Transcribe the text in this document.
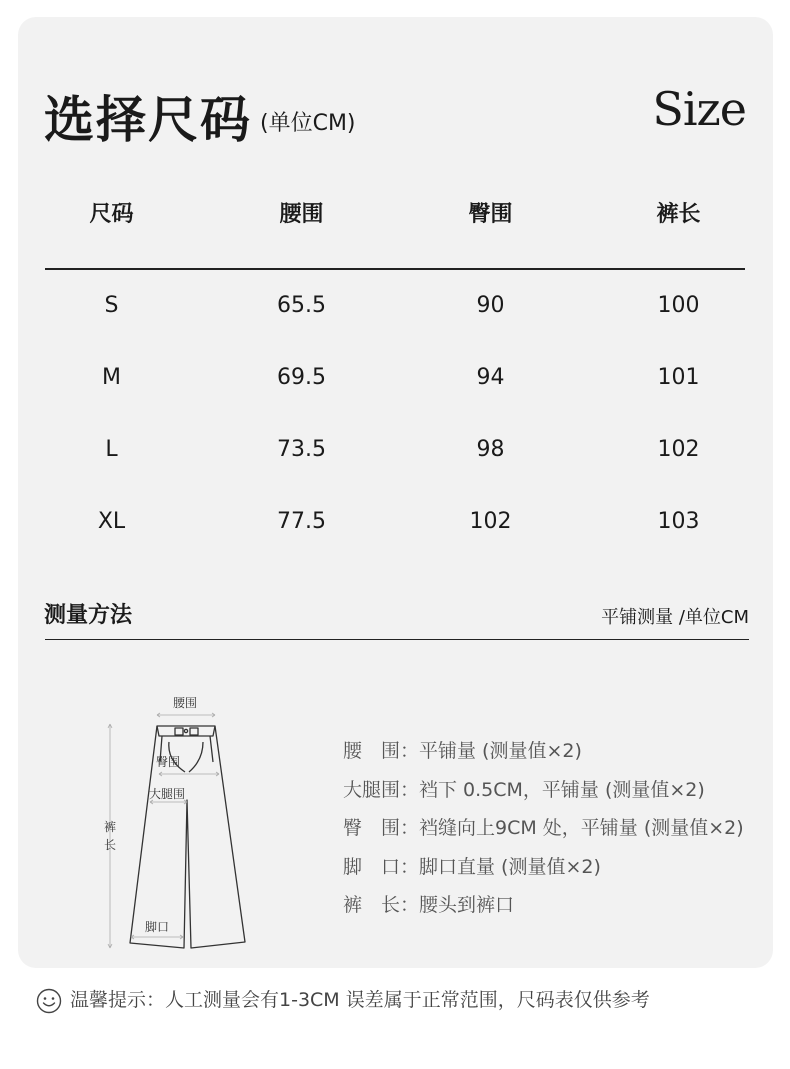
选择尺码 (单位CM)	Size
尺码	腰围	臀围	裤长
S	65.5	90	100
M	69.5	94	101
L	73.5	98	102
XL	77.5	102	103
测量方法	平铺测量 /单位CM
腰围
臀围
大腿围
裤
长
脚口
腰　围：平铺量 (测量值×2)
大腿围：裆下 0.5CM，平铺量 (测量值×2)
臀　围：裆缝向上9CM 处，平铺量 (测量值×2)
脚　口：脚口直量 (测量值×2)
裤　长：腰头到裤口
温馨提示：人工测量会有1-3CM 误差属于正常范围，尺码表仅供参考
